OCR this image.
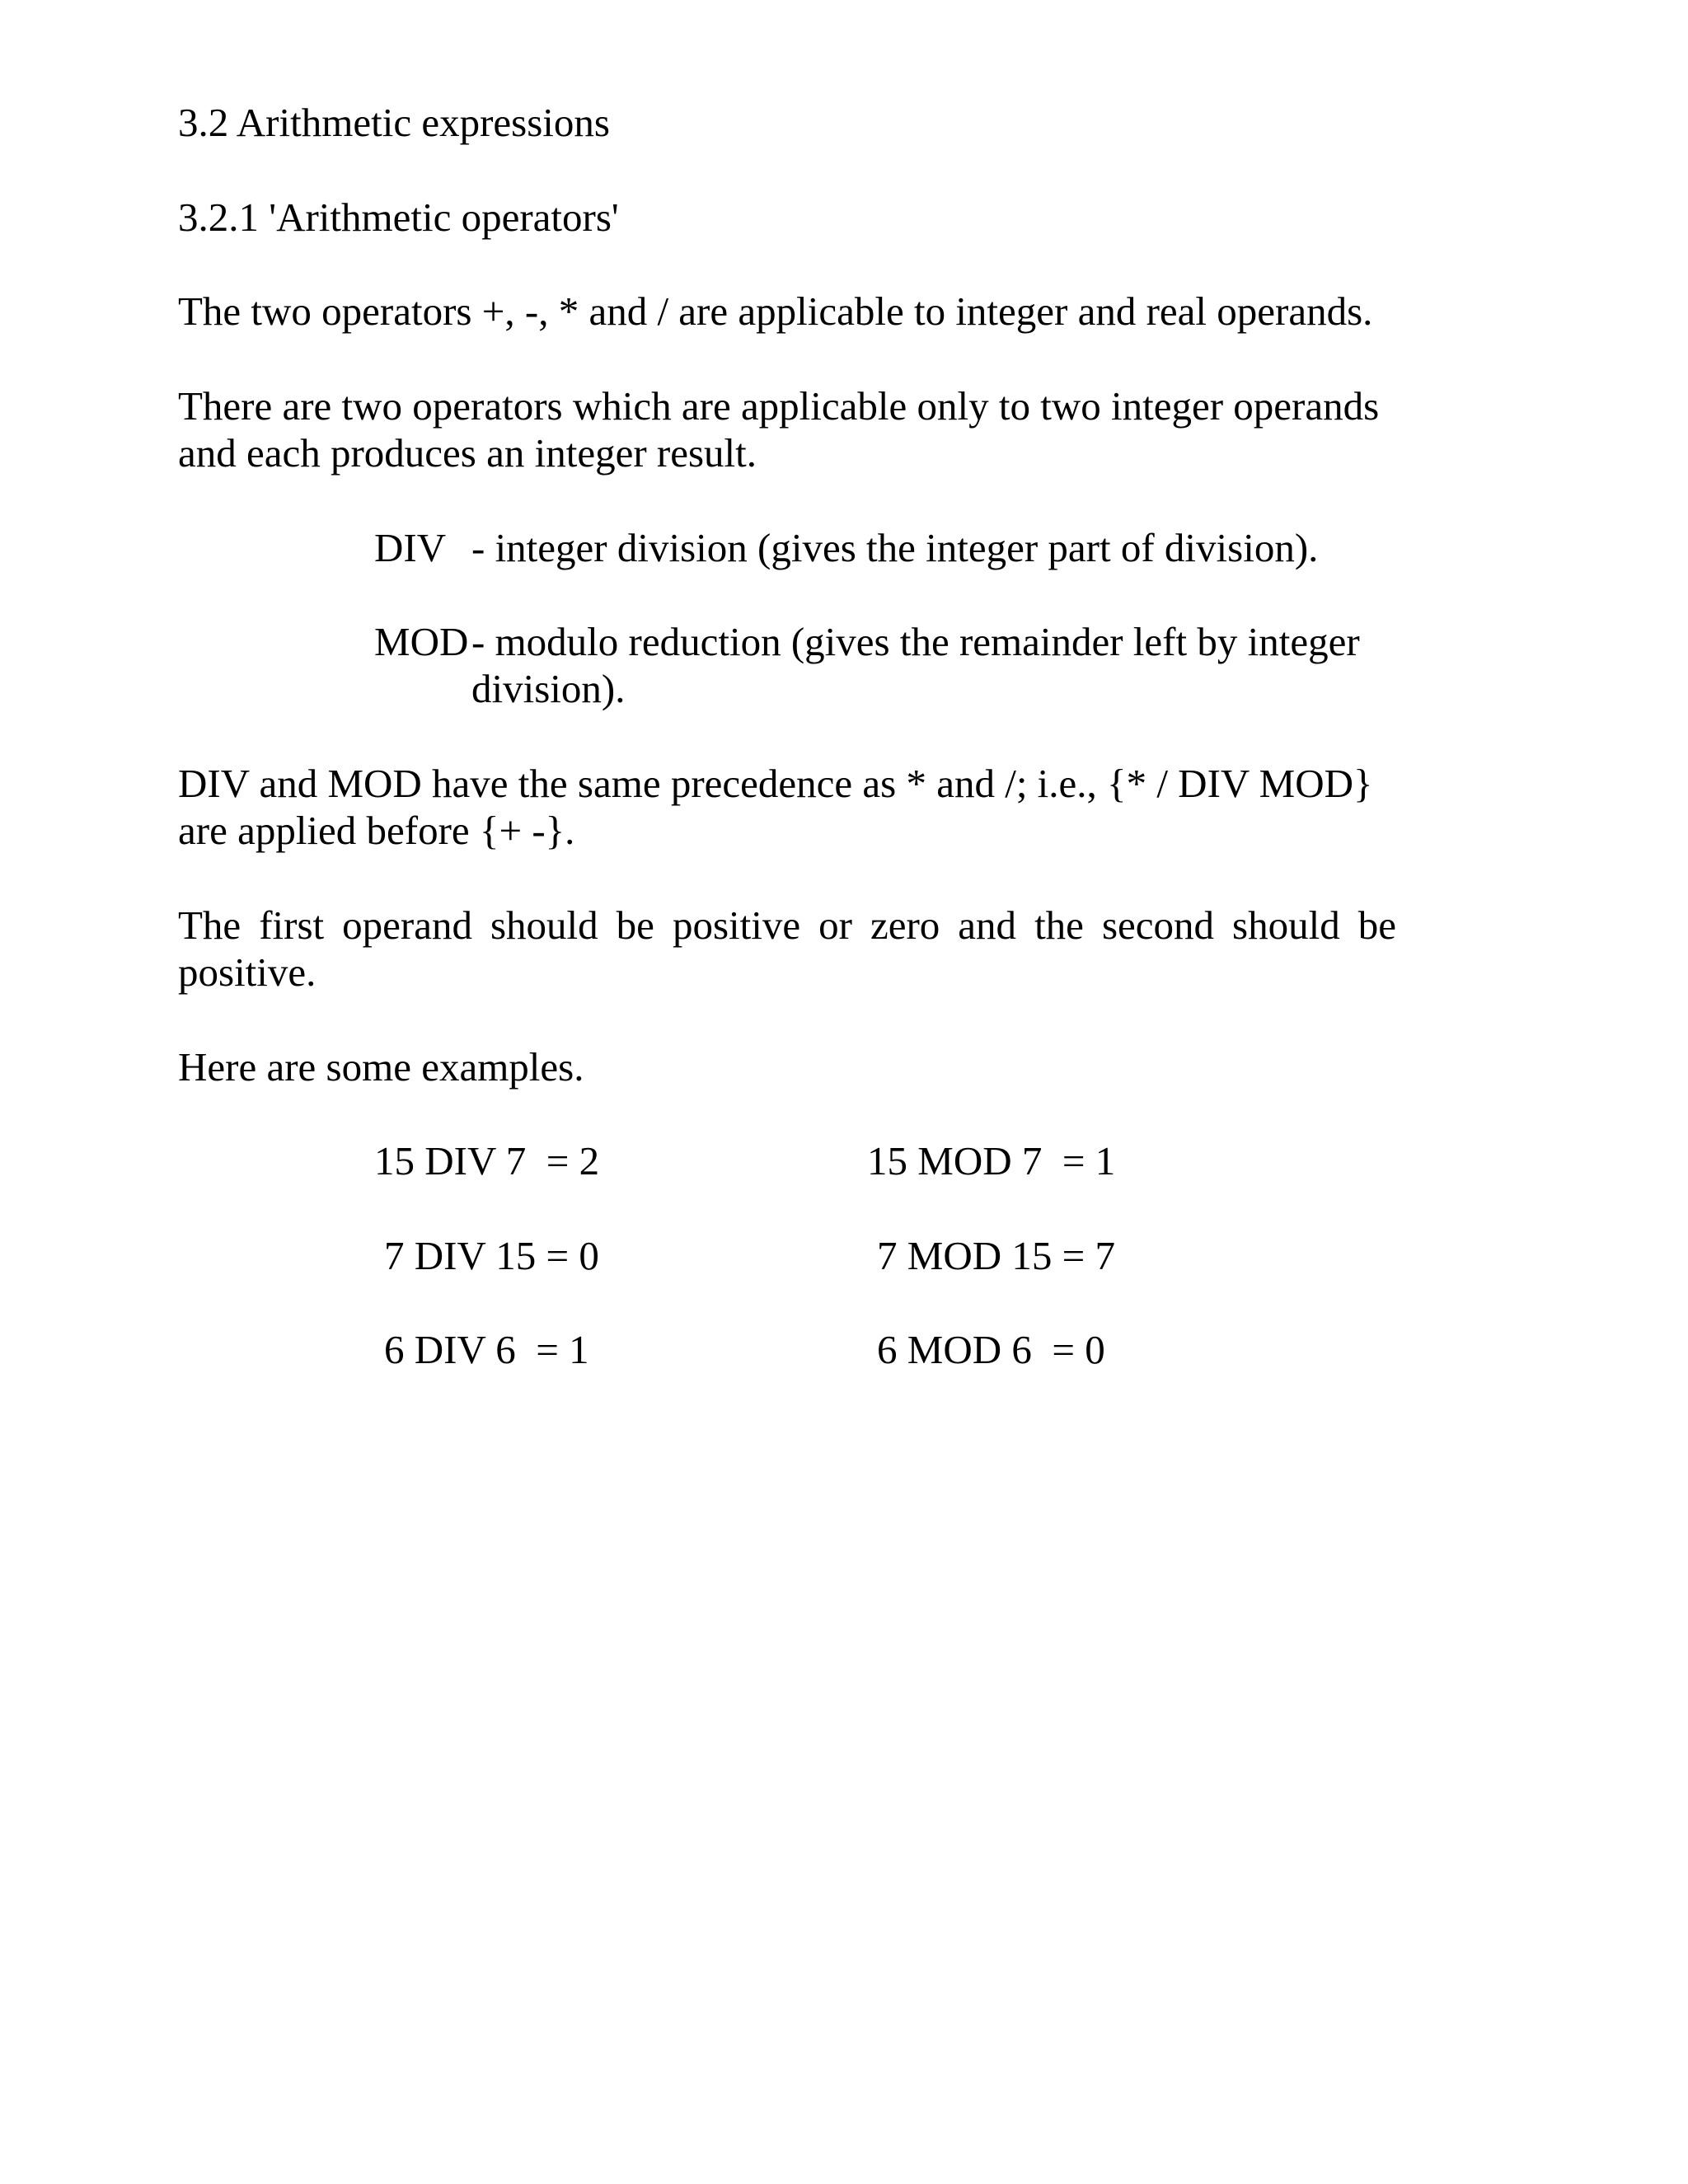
3.2 Arithmetic expressions
3.2.1 'Arithmetic operators'
The two operators +, -, * and / are applicable to integer and real operands.
There are two operators which are applicable only to two integer operands and each produces an integer result.
DIV - integer division (gives the integer part of division).
MOD - modulo reduction (gives the remainder left by integer division).
DIV and MOD have the same precedence as * and /; i.e., {* / DIV MOD} are applied before {+ -}.
The first operand should be positive or zero and the second should be positive.
Here are some examples.
15 DIV 7  = 2	15 MOD 7  = 1
7 DIV 15 = 0	7 MOD 15 = 7
6 DIV 6  = 1	6 MOD 6  = 0
